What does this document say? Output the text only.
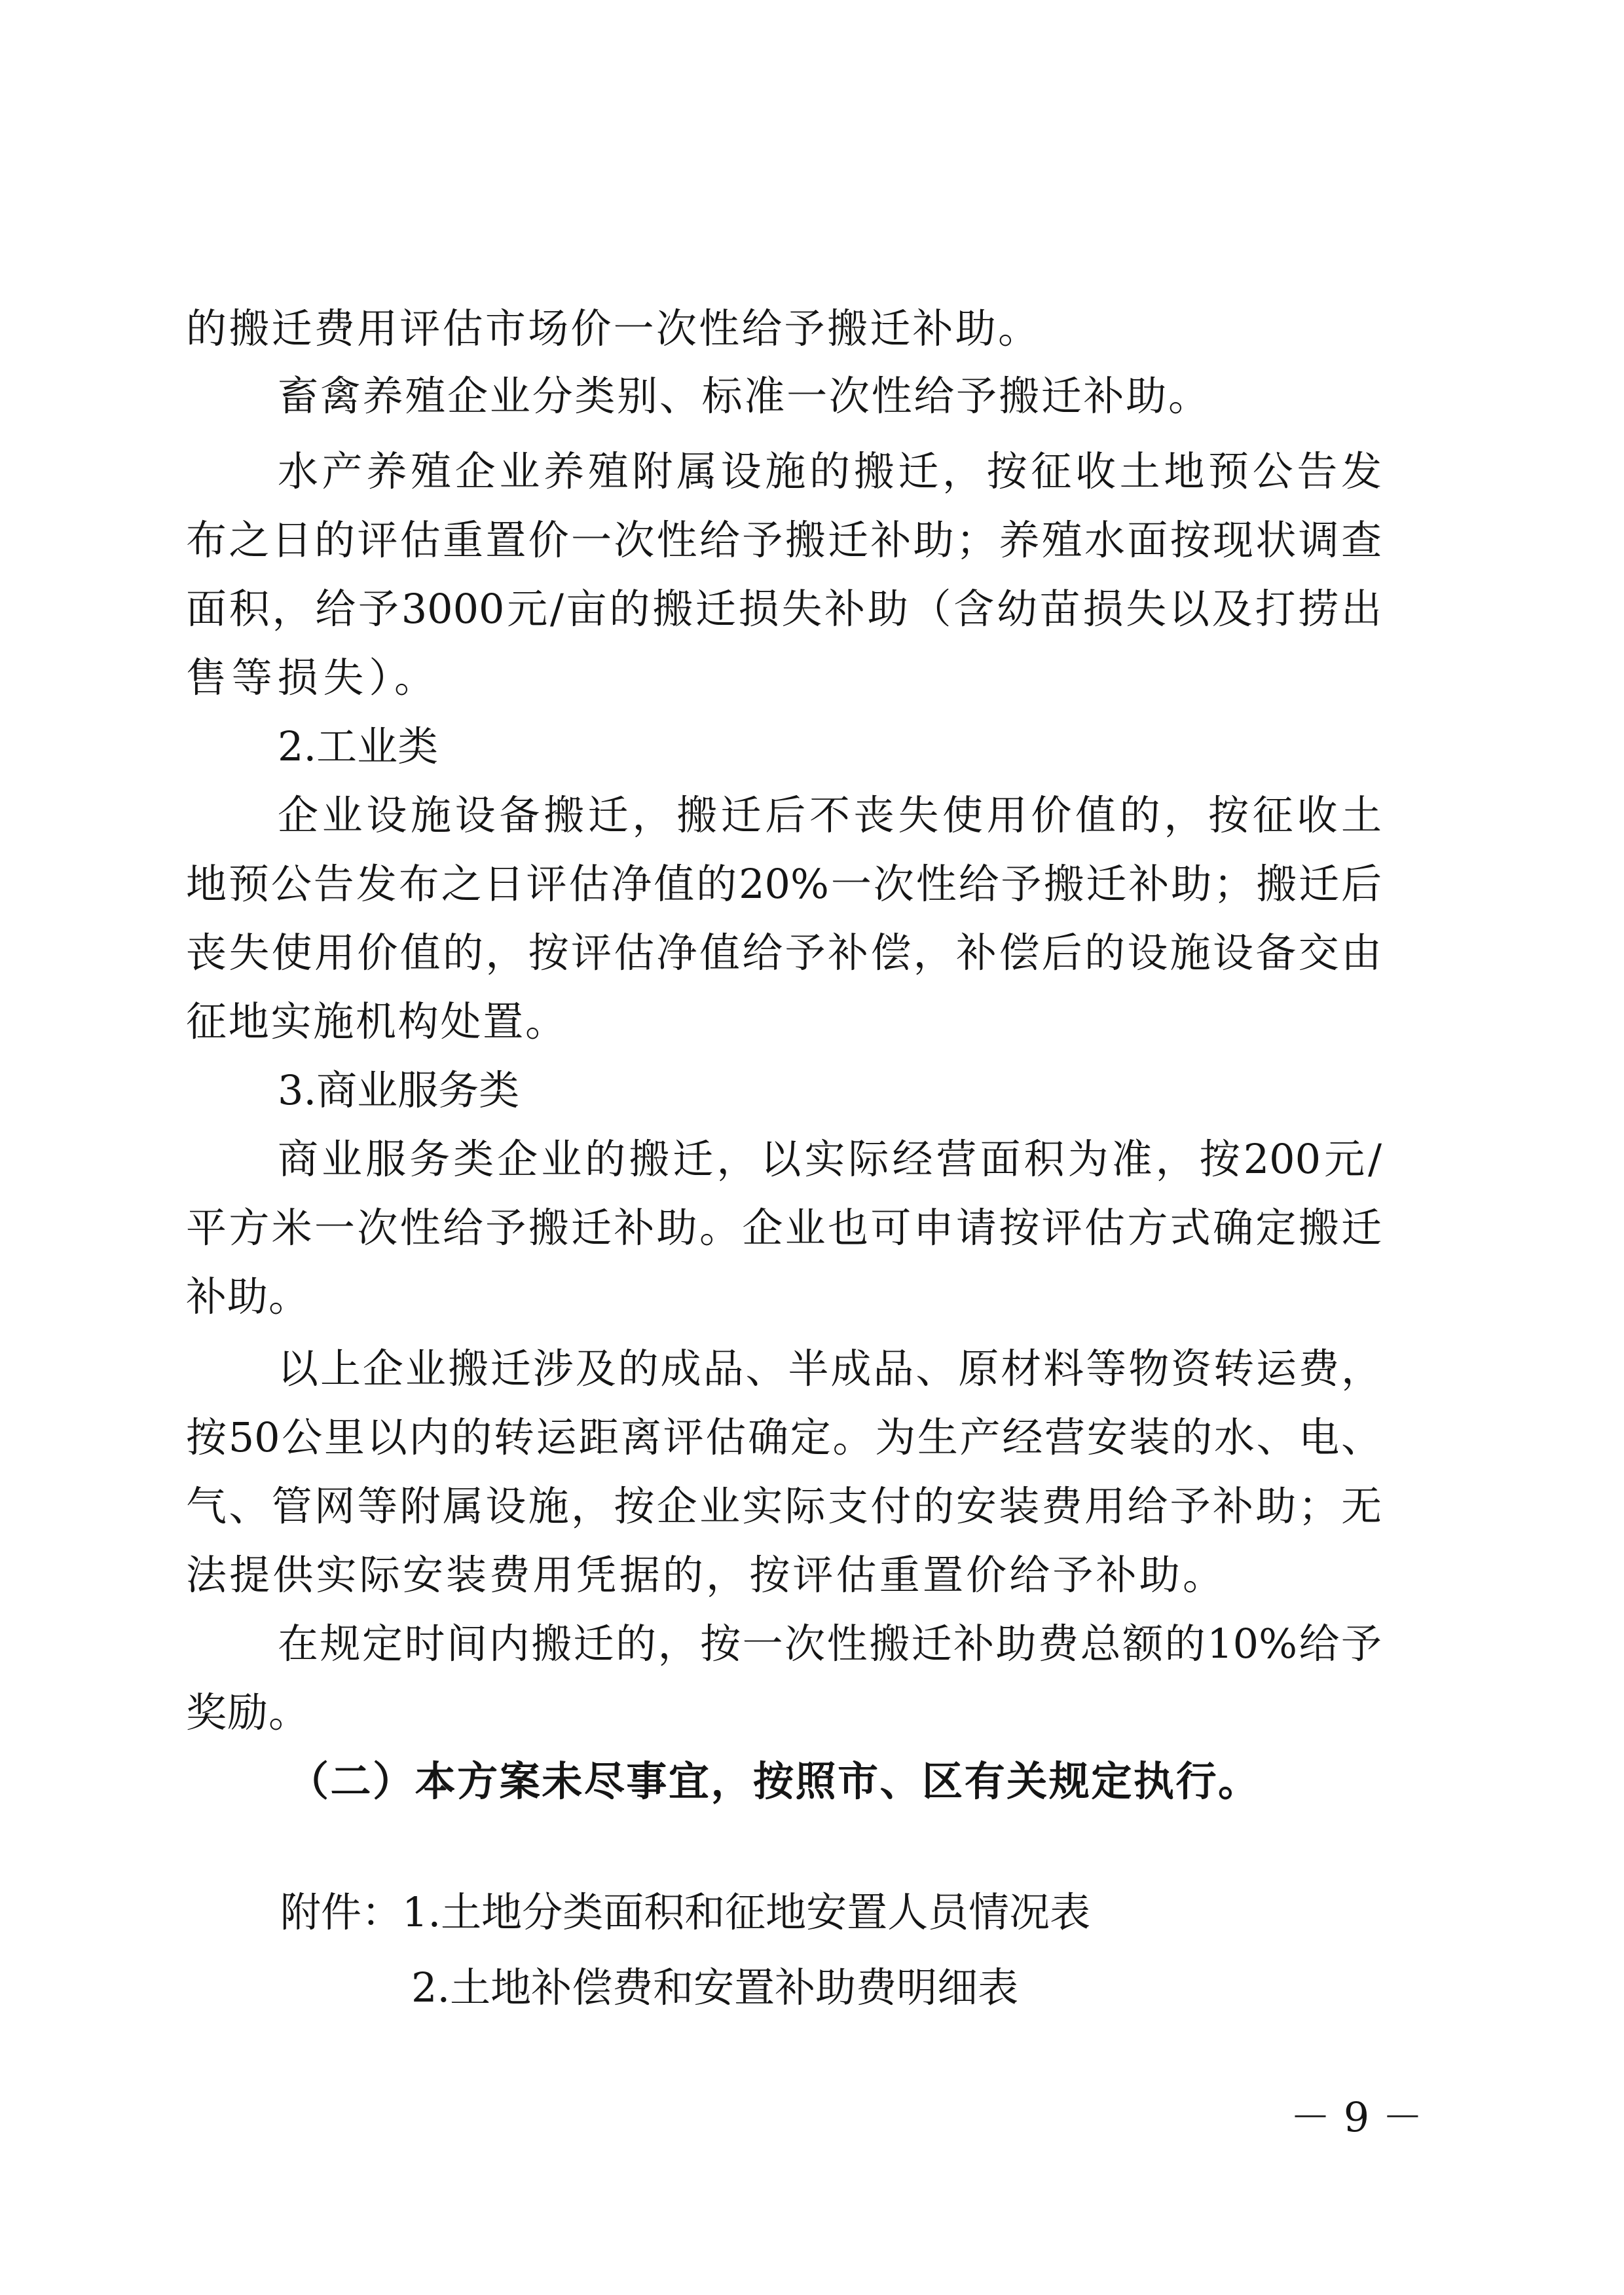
的搬迁费用评估市场价一次性给予搬迁补助。
畜禽养殖企业分类别、标准一次性给予搬迁补助。
水产养殖企业养殖附属设施的搬迁，按征收土地预公告发
布之日的评估重置价一次性给予搬迁补助；养殖水面按现状调查
面积，给予3000元/亩的搬迁损失补助（含幼苗损失以及打捞出
售等损失）。
2.工业类
企业设施设备搬迁，搬迁后不丧失使用价值的，按征收土
地预公告发布之日评估净值的20%一次性给予搬迁补助；搬迁后
丧失使用价值的，按评估净值给予补偿，补偿后的设施设备交由
征地实施机构处置。
3.商业服务类
商业服务类企业的搬迁，以实际经营面积为准，按200元/
平方米一次性给予搬迁补助。企业也可申请按评估方式确定搬迁
补助。
以上企业搬迁涉及的成品、半成品、原材料等物资转运费，
按50公里以内的转运距离评估确定。为生产经营安装的水、电、
气、管网等附属设施，按企业实际支付的安装费用给予补助；无
法提供实际安装费用凭据的，按评估重置价给予补助。
在规定时间内搬迁的，按一次性搬迁补助费总额的10%给予
奖励。
（二）本方案未尽事宜，按照市、区有关规定执行。
附件：1.土地分类面积和征地安置人员情况表
2.土地补偿费和安置补助费明细表
－ 9 －
